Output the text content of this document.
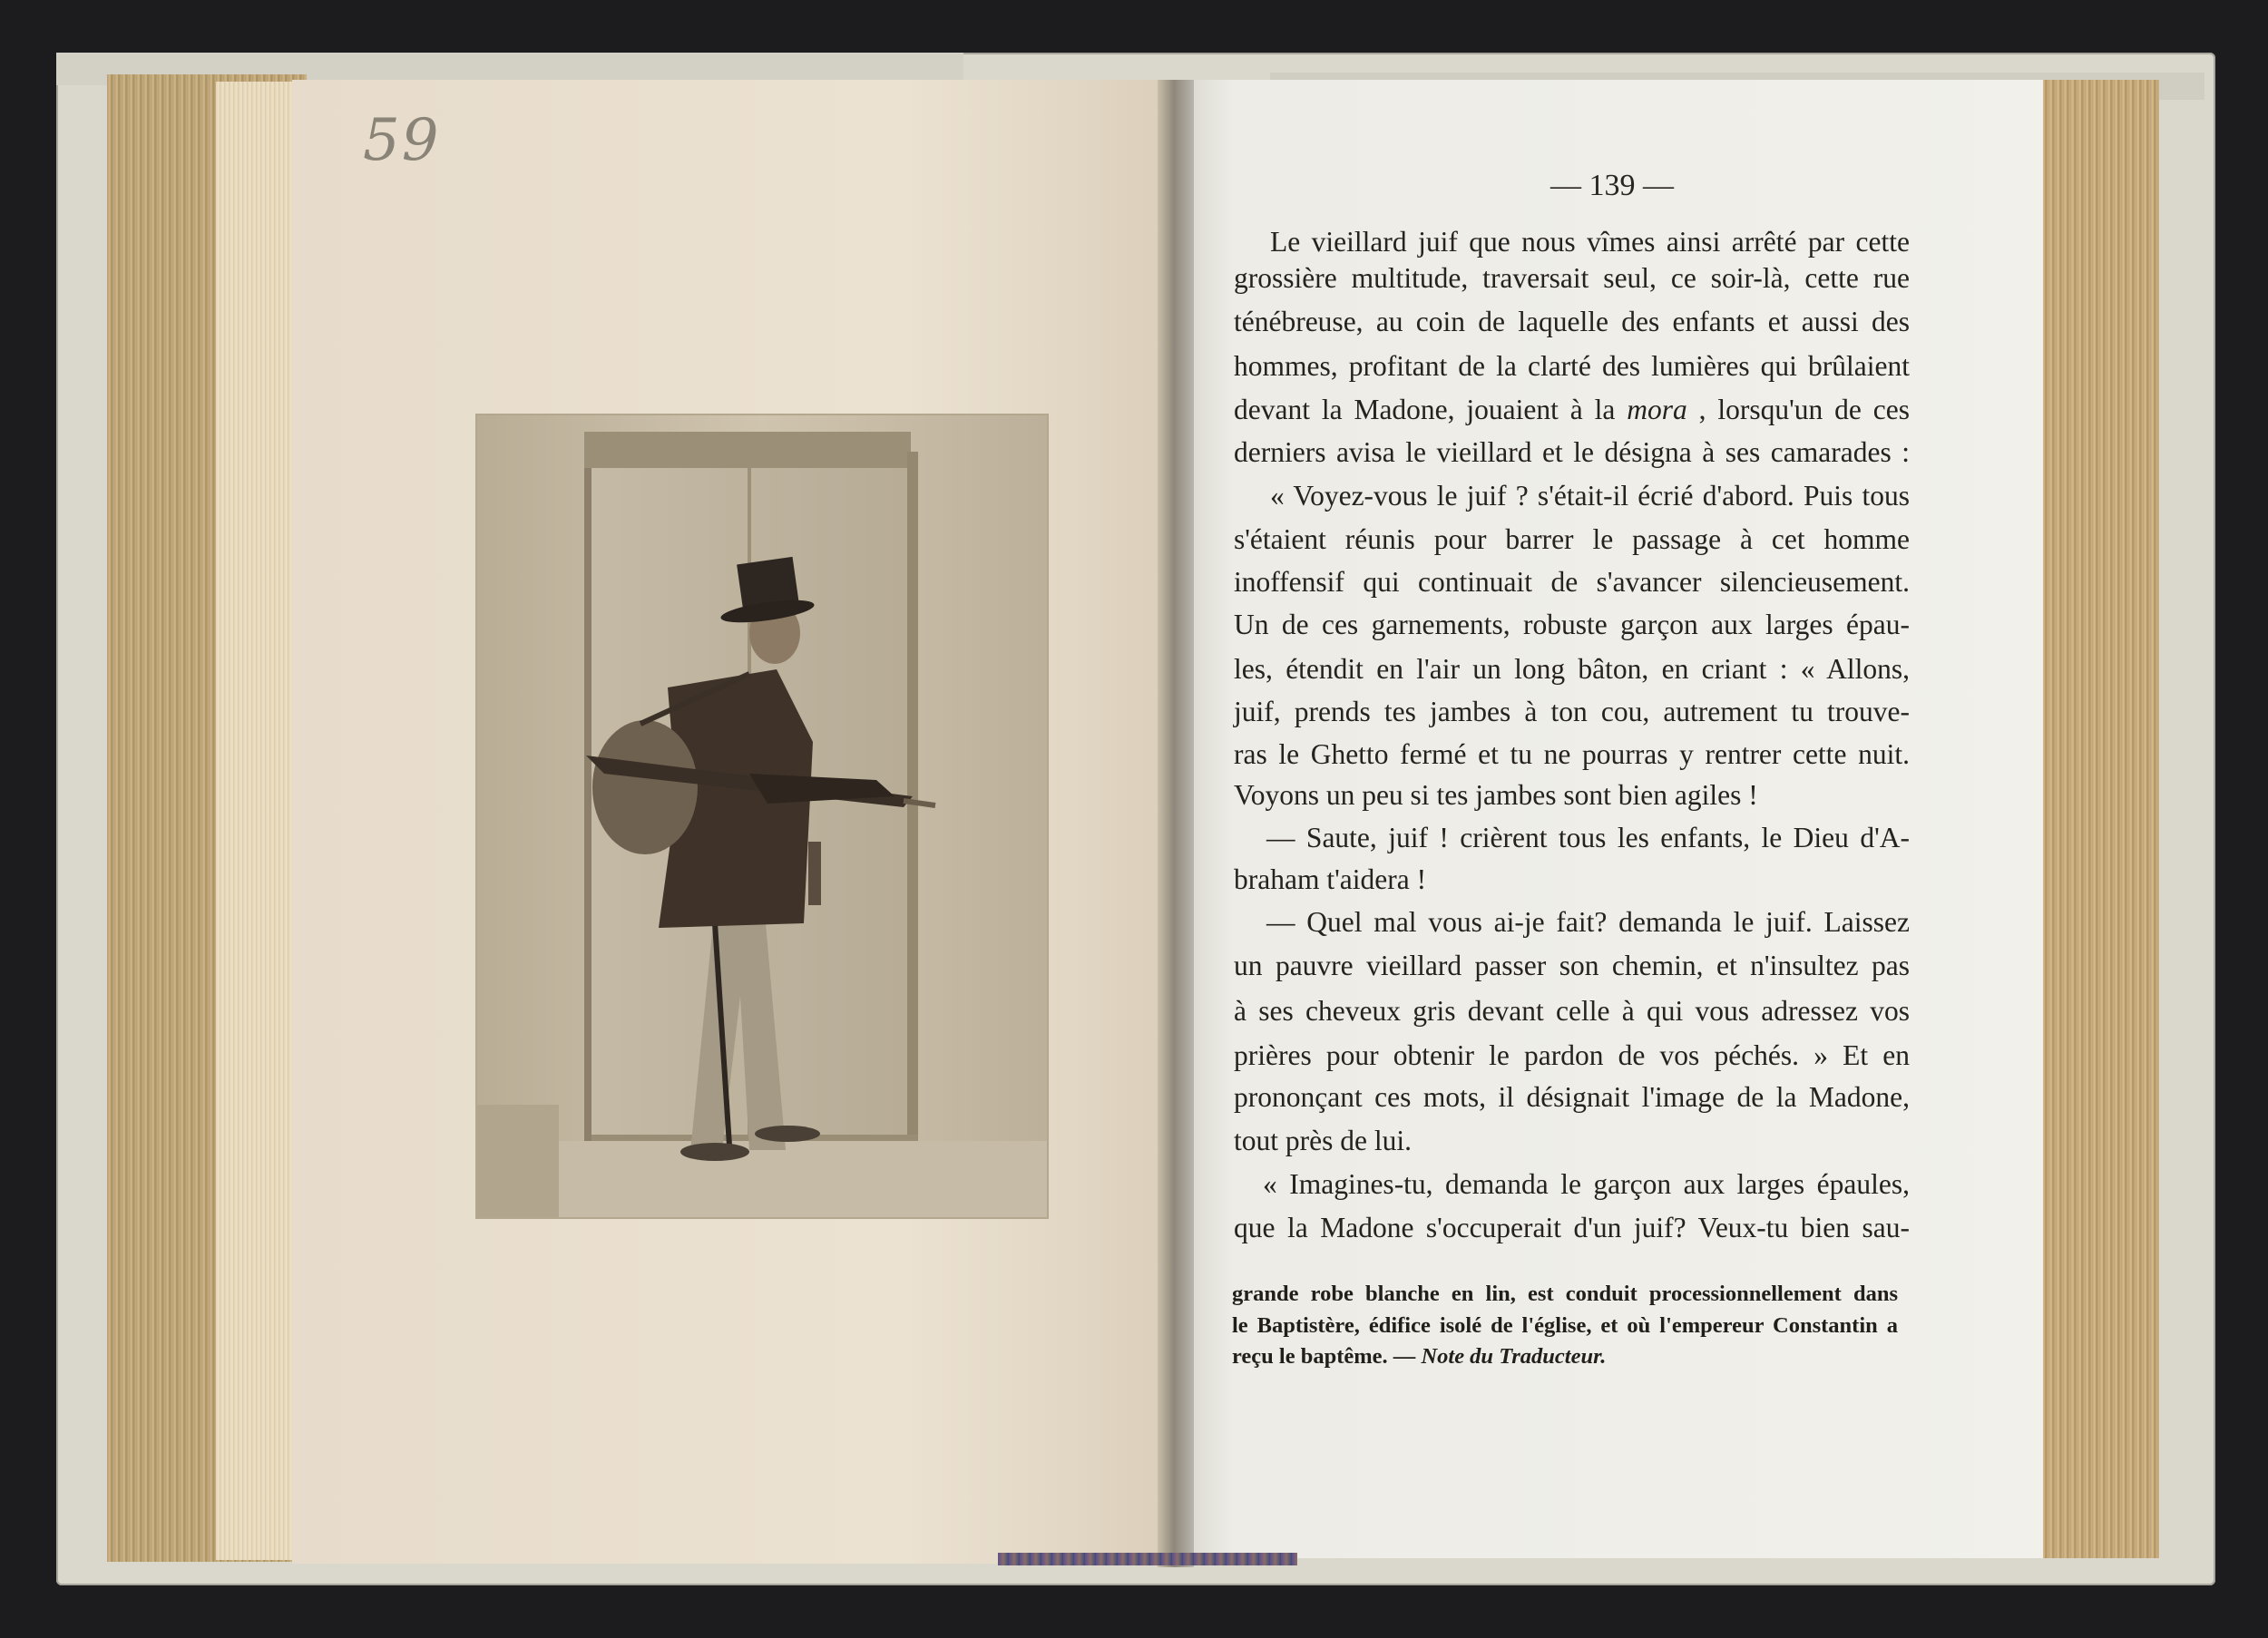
59
— 139 —
Le vieillard juif que nous vîmes ainsi arrêté par cette
grossière multitude, traversait seul, ce soir-là, cette rue
ténébreuse, au coin de laquelle des enfants et aussi des
hommes, profitant de la clarté des lumières qui brûlaient
devant la Madone, jouaient à la mora , lorsqu'un de ces
derniers avisa le vieillard et le désigna à ses camarades :
« Voyez-vous le juif ? s'était-il écrié d'abord. Puis tous
s'étaient réunis pour barrer le passage à cet homme
inoffensif qui continuait de s'avancer silencieusement.
Un de ces garnements, robuste garçon aux larges épau-
les, étendit en l'air un long bâton, en criant : « Allons,
juif, prends tes jambes à ton cou, autrement tu trouve-
ras le Ghetto fermé et tu ne pourras y rentrer cette nuit.
Voyons un peu si tes jambes sont bien agiles !
— Saute, juif ! crièrent tous les enfants, le Dieu d'A-
braham t'aidera !
— Quel mal vous ai-je fait? demanda le juif. Laissez
un pauvre vieillard passer son chemin, et n'insultez pas
à ses cheveux gris devant celle à qui vous adressez vos
prières pour obtenir le pardon de vos péchés. » Et en
prononçant ces mots, il désignait l'image de la Madone,
tout près de lui.
« Imagines-tu, demanda le garçon aux larges épaules,
que la Madone s'occuperait d'un juif? Veux-tu bien sau-
grande robe blanche en lin, est conduit processionnellement dans
le Baptistère, édifice isolé de l'église, et où l'empereur Constantin a
reçu le baptême. — Note du Traducteur.
